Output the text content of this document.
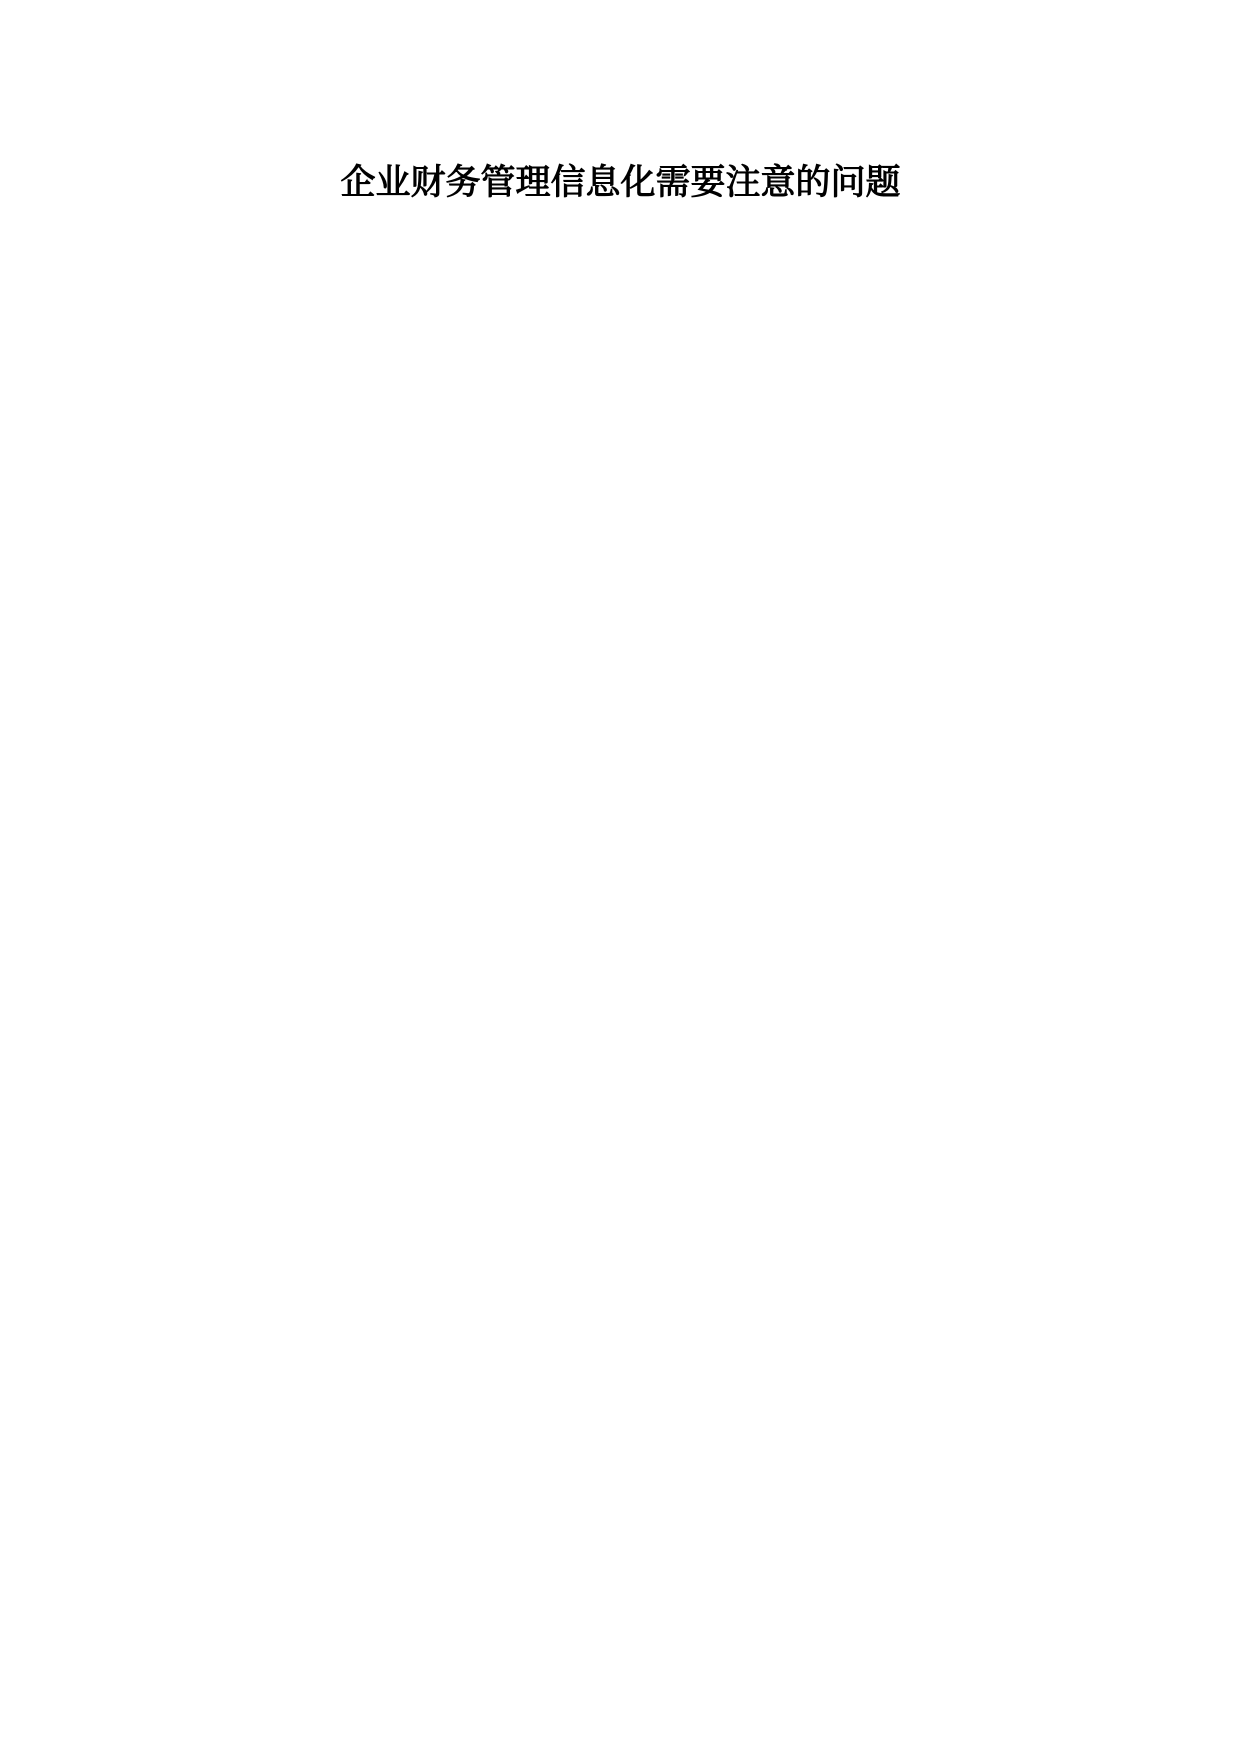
企业财务管理信息化需要注意的问题
